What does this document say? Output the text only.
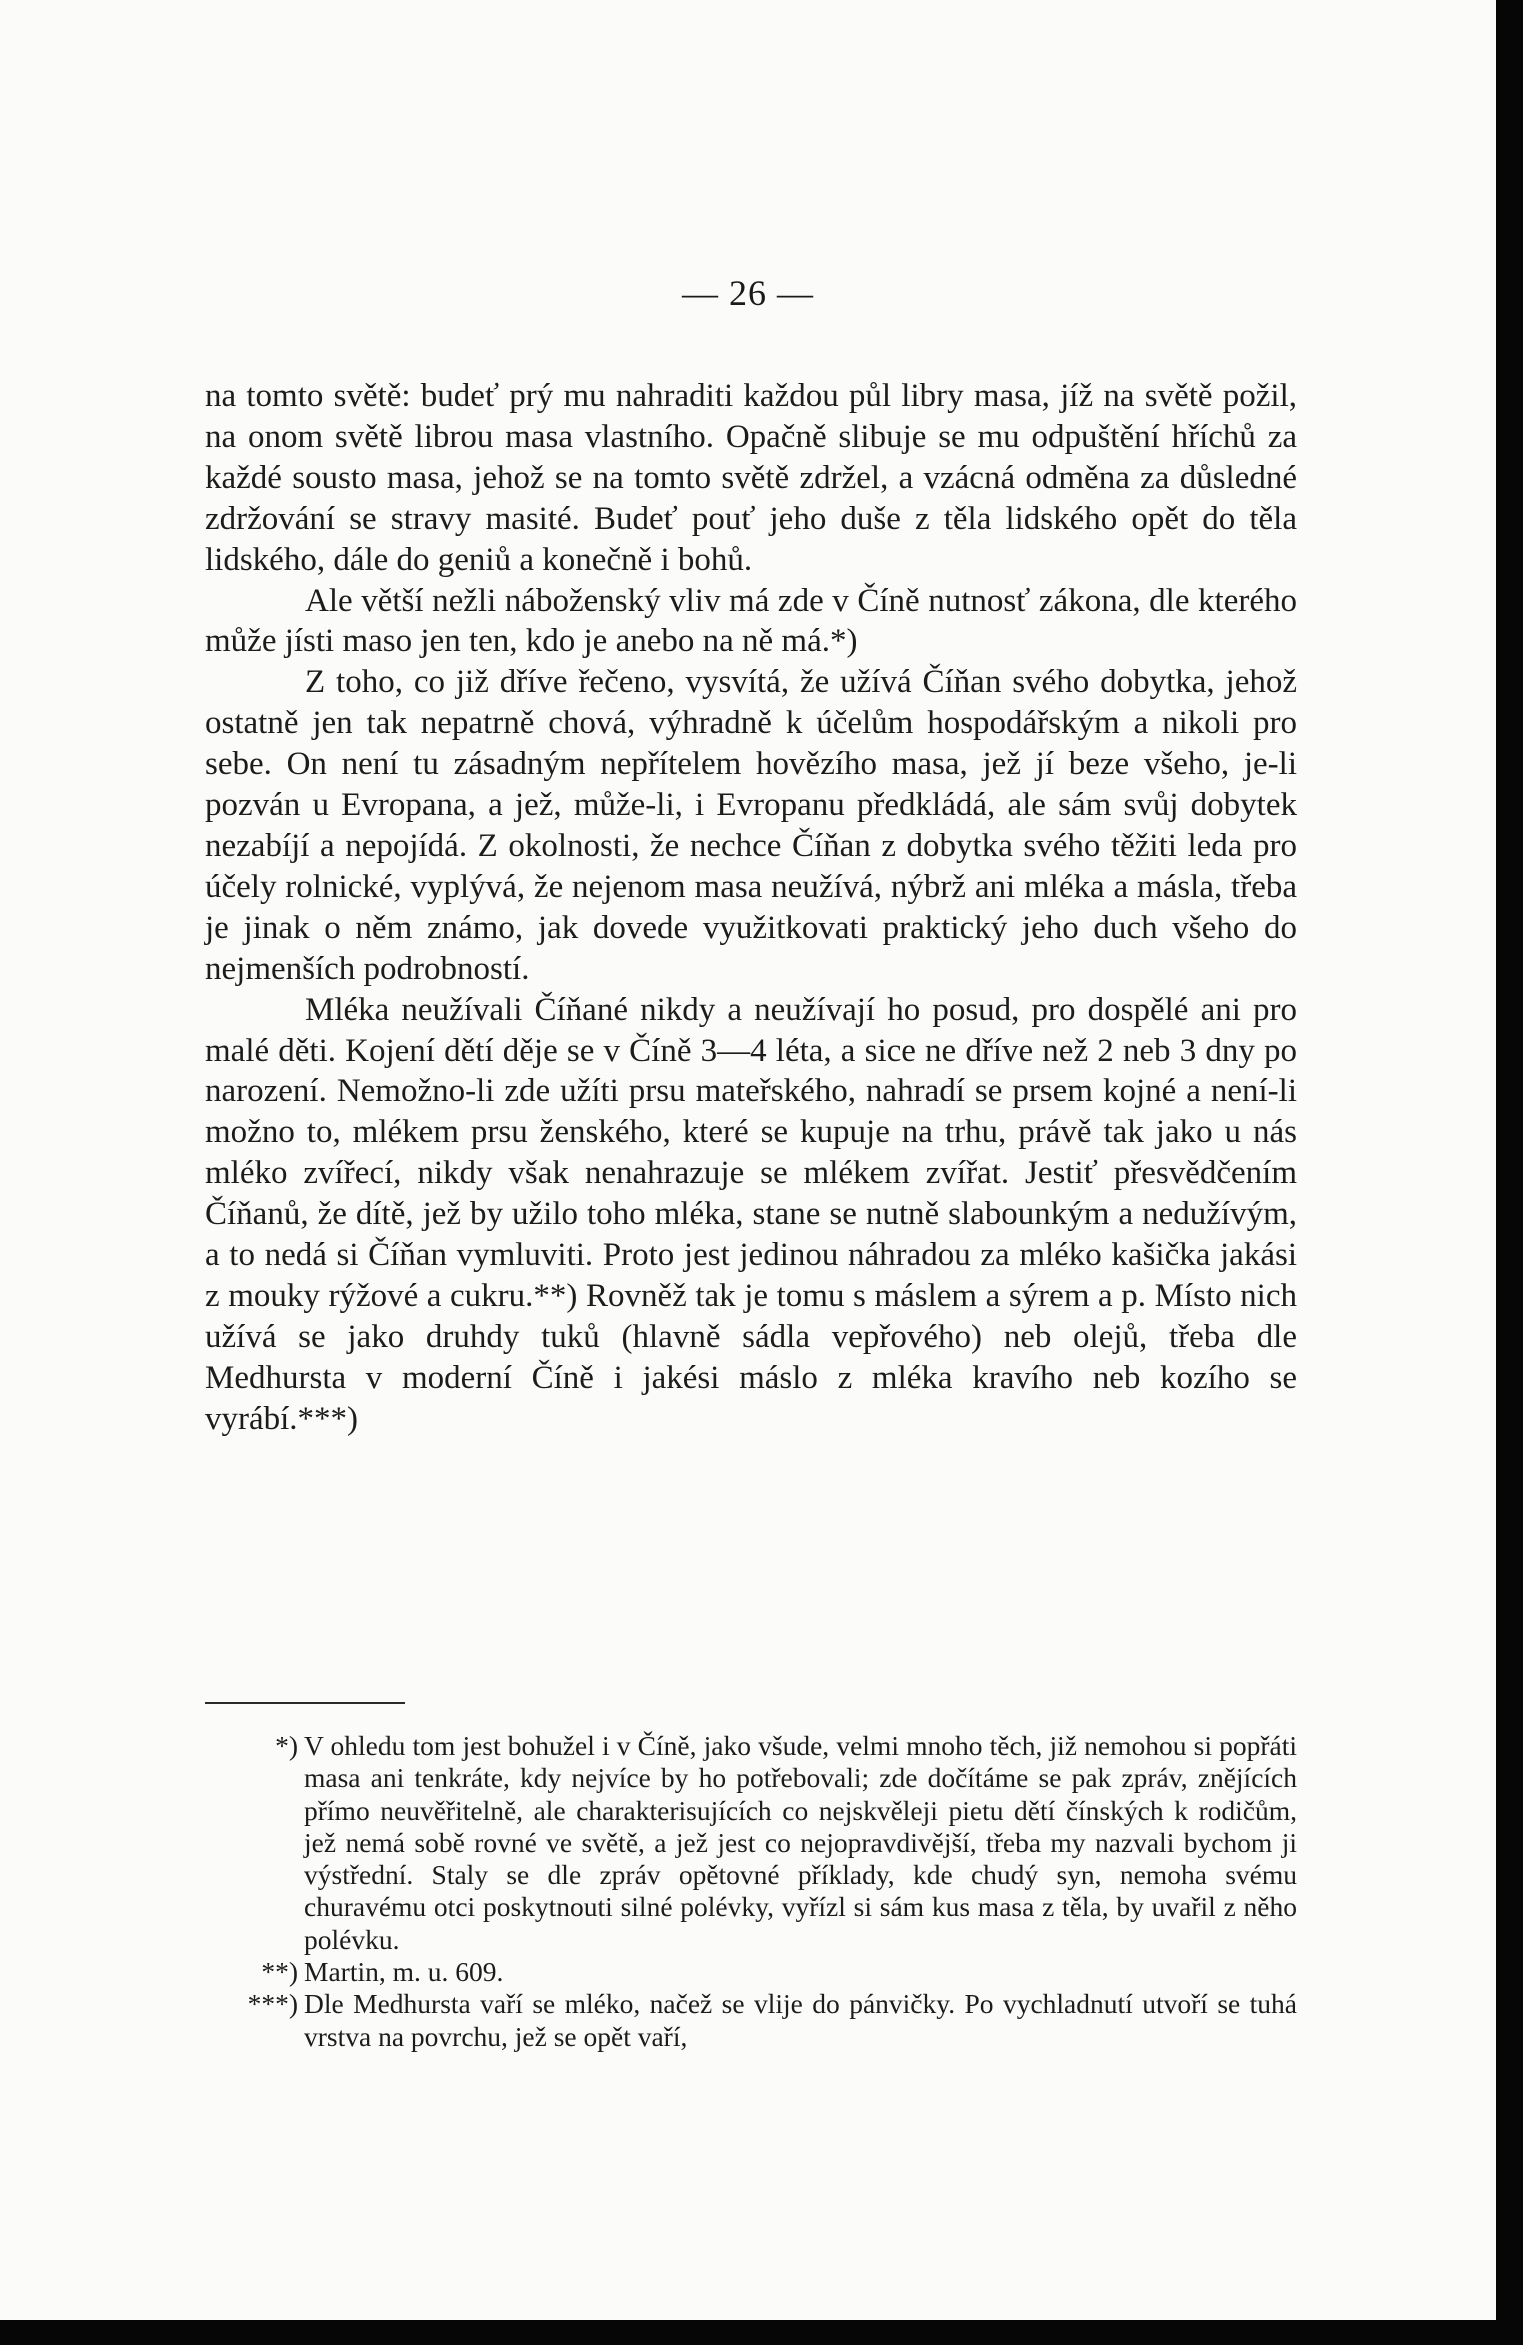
— 26 —

na tomto světě: budeť prý mu nahraditi každou půl libry masa, jíž na světě požil, na onom světě librou masa vlastního. Opačně slibuje se mu odpuštění hříchů za každé sousto masa, jehož se na tomto světě zdržel, a vzácná odměna za důsledné zdržování se stravy masité. Budeť pouť jeho duše z těla lidského opět do těla lidského, dále do geniů a konečně i bohů.

Ale větší nežli náboženský vliv má zde v Číně nutnosť zákona, dle kterého může jísti maso jen ten, kdo je anebo na ně má.*)

Z toho, co již dříve řečeno, vysvítá, že užívá Číňan svého dobytka, jehož ostatně jen tak nepatrně chová, výhradně k účelům hospodářským a nikoli pro sebe. On není tu zásadným nepřítelem hovězího masa, jež jí beze všeho, je-li pozván u Evropana, a jež, může-li, i Evropanu předkládá, ale sám svůj dobytek nezabíjí a nepojídá. Z okolnosti, že nechce Číňan z dobytka svého těžiti leda pro účely rolnické, vyplývá, že nejenom masa neužívá, nýbrž ani mléka a másla, třeba je jinak o něm známo, jak dovede využitkovati praktický jeho duch všeho do nejmenších podrobností.

Mléka neužívali Číňané nikdy a neužívají ho posud, pro dospělé ani pro malé děti. Kojení dětí děje se v Číně 3—4 léta, a sice ne dříve než 2 neb 3 dny po narození. Nemožno-li zde užíti prsu mateřského, nahradí se prsem kojné a není-li možno to, mlékem prsu ženského, které se kupuje na trhu, právě tak jako u nás mléko zvířecí, nikdy však nenahrazuje se mlékem zvířat. Jestiť přesvědčením Číňanů, že dítě, jež by užilo toho mléka, stane se nutně slabounkým a nedužívým, a to nedá si Číňan vymluviti. Proto jest jedinou náhradou za mléko kašička jakási z mouky rýžové a cukru.**) Rovněž tak je tomu s máslem a sýrem a p. Místo nich užívá se jako druhdy tuků (hlavně sádla vepřového) neb olejů, třeba dle Medhursta v moderní Číně i jakési máslo z mléka kravího neb kozího se vyrábí.***)

*) V ohledu tom jest bohužel i v Číně, jako všude, velmi mnoho těch, již nemohou si popřáti masa ani tenkráte, kdy nejvíce by ho potřebovali; zde dočítáme se pak zpráv, znějících přímo neuvěřitelně, ale charakterisujících co nejskvěleji pietu dětí čínských k rodičům, jež nemá sobě rovné ve světě, a jež jest co nejopravdivější, třeba my nazvali bychom ji výstřední. Staly se dle zpráv opětovné příklady, kde chudý syn, nemoha svému churavému otci poskytnouti silné polévky, vyřízl si sám kus masa z těla, by uvařil z něho polévku.
**) Martin, m. u. 609.
***) Dle Medhursta vaří se mléko, načež se vlije do pánvičky. Po vychladnutí utvoří se tuhá vrstva na povrchu, jež se opět vaří,
